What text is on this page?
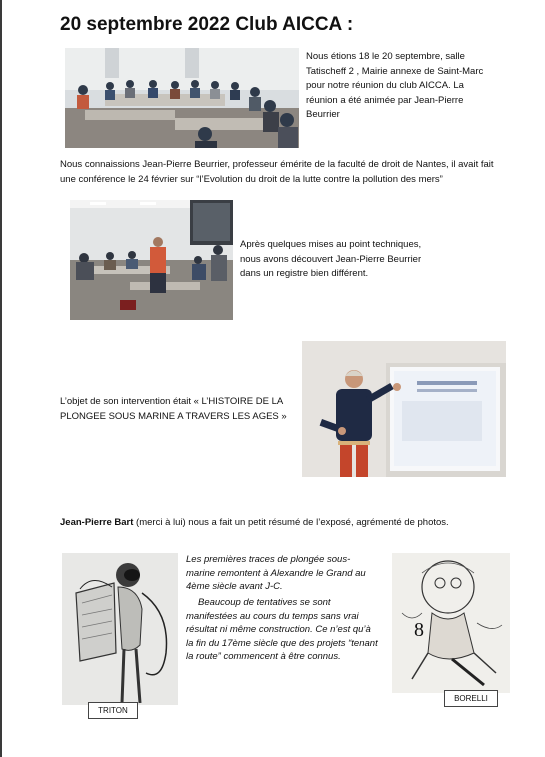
20 septembre 2022 Club AICCA :
Nous étions 18 le 20 septembre, salle Tatischeff 2 , Mairie annexe de Saint-Marc pour notre réunion du club AICCA. La réunion a été animée par Jean-Pierre Beurrier
Nous connaissions Jean-Pierre Beurrier, professeur émérite de la faculté de droit de Nantes, il avait fait une conférence le 24 février sur “l’Evolution du droit de la lutte contre la pollution des mers”
Après quelques mises au point techniques, nous avons découvert Jean-Pierre Beurrier dans un registre bien différent.
L’objet de son intervention était « L’HISTOIRE DE LA PLONGEE SOUS MARINE A TRAVERS LES AGES »
Jean-Pierre Bart (merci à lui) nous a fait un petit résumé de l’exposé, agrémenté de photos.
Les premières traces de plongée sous-marine remontent à Alexandre le Grand au 4ème siècle avant J-C.
Beaucoup de tentatives se sont manifestées au cours du temps sans vrai résultat ni même construction. Ce n’est qu’à la fin du 17ème siècle que des projets “tenant la route” commencent à être connus.
8
TRITON
BORELLI
